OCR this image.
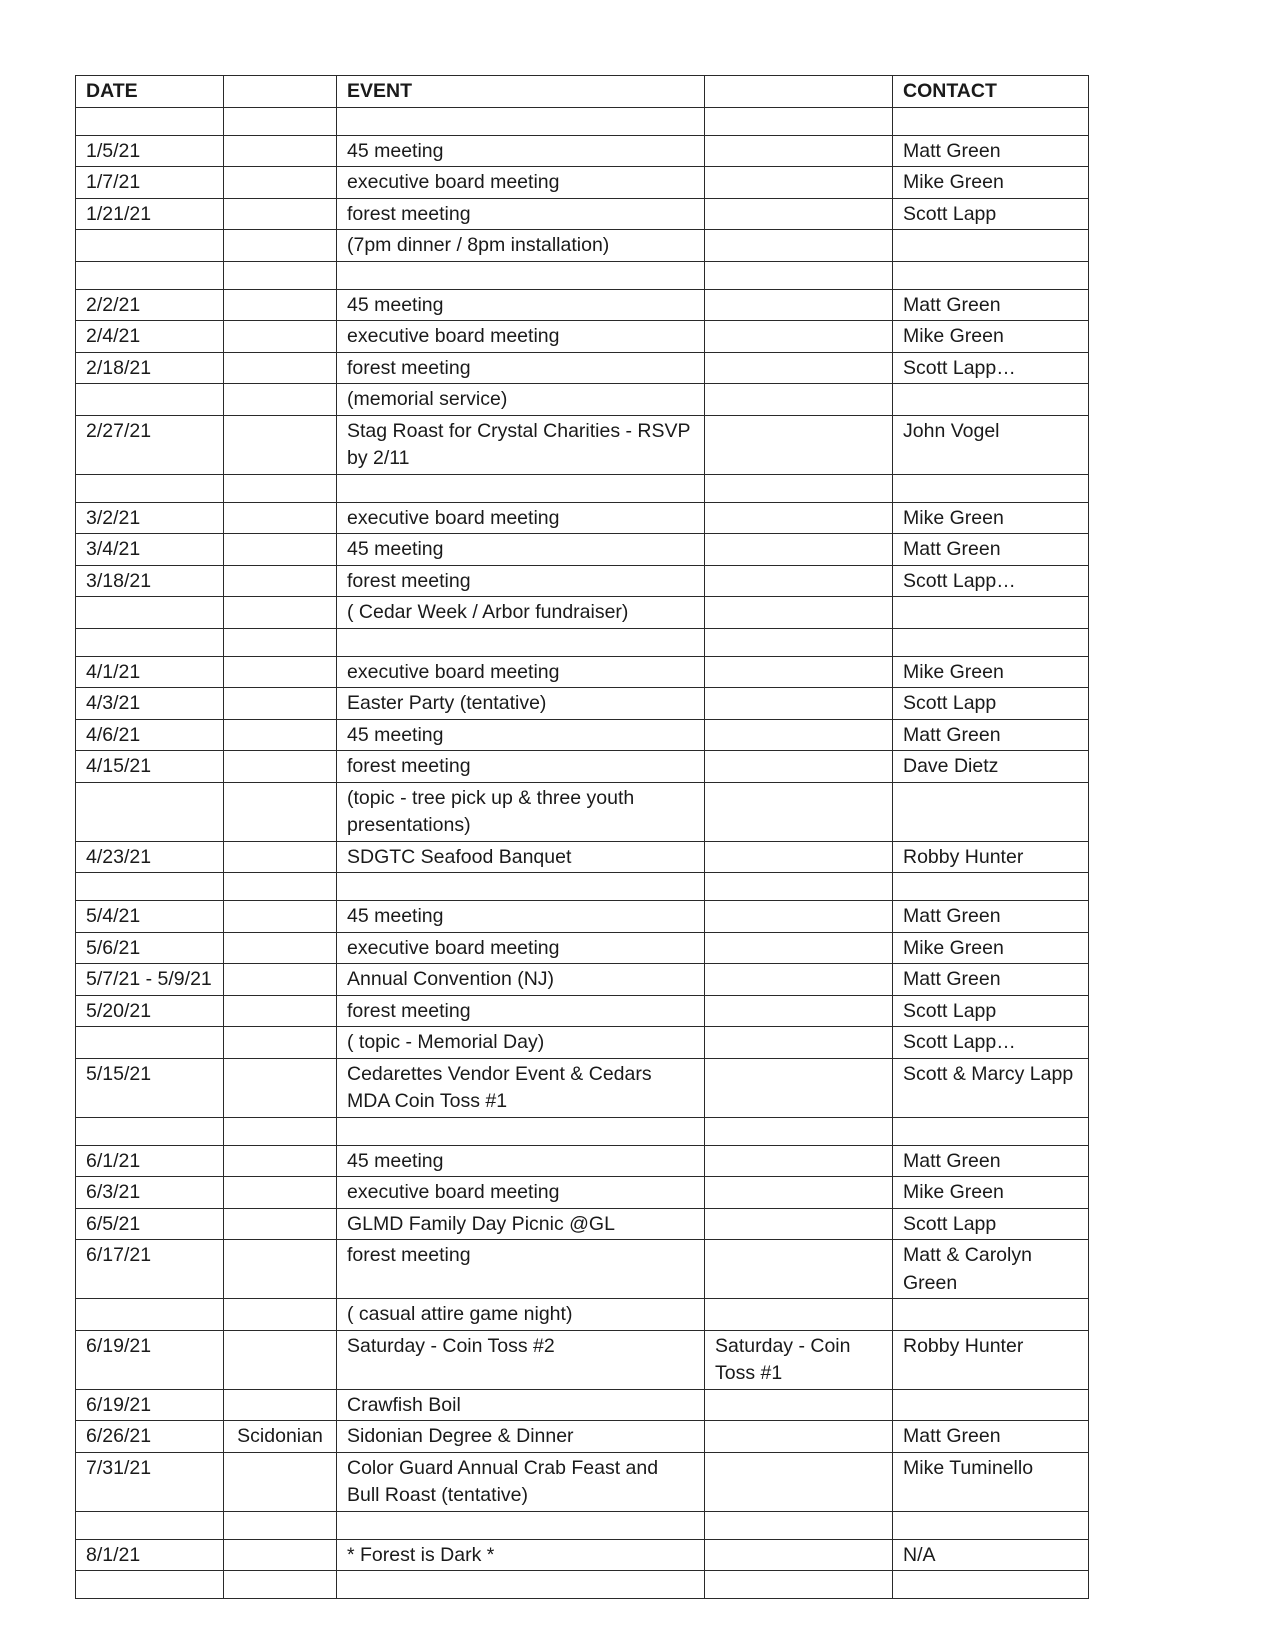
DATE		EVENT		CONTACT

1/5/21		45 meeting		Matt Green
1/7/21		executive board meeting		Mike Green
1/21/21		forest meeting		Scott Lapp
		(7pm dinner / 8pm installation)		

2/2/21		45 meeting		Matt Green
2/4/21		executive board meeting		Mike Green
2/18/21		forest meeting		Scott Lapp…
		(memorial service)		
2/27/21		Stag Roast for Crystal Charities - RSVP by 2/11		John Vogel

3/2/21		executive board meeting		Mike Green
3/4/21		45 meeting		Matt Green
3/18/21		forest meeting		Scott Lapp…
		( Cedar Week / Arbor fundraiser)		

4/1/21		executive board meeting		Mike Green
4/3/21		Easter Party (tentative)		Scott Lapp
4/6/21		45 meeting		Matt Green
4/15/21		forest meeting		Dave Dietz
		(topic - tree pick up & three youth presentations)		
4/23/21		SDGTC Seafood Banquet		Robby Hunter

5/4/21		45 meeting		Matt Green
5/6/21		executive board meeting		Mike Green
5/7/21 - 5/9/21		Annual Convention (NJ)		Matt Green
5/20/21		forest meeting		Scott Lapp
		( topic - Memorial Day)		Scott Lapp…
5/15/21		Cedarettes Vendor Event & Cedars MDA Coin Toss #1		Scott & Marcy Lapp

6/1/21		45 meeting		Matt Green
6/3/21		executive board meeting		Mike Green
6/5/21		GLMD Family Day Picnic @GL		Scott Lapp
6/17/21		forest meeting		Matt & Carolyn Green
		( casual attire game night)		
6/19/21		Saturday - Coin Toss #2	Saturday - Coin Toss #1	Robby Hunter
6/19/21		Crawfish Boil		
6/26/21	Scidonian	Sidonian Degree & Dinner		Matt Green
7/31/21		Color Guard Annual Crab Feast and Bull Roast (tentative)		Mike Tuminello

8/1/21		* Forest is Dark *		N/A
